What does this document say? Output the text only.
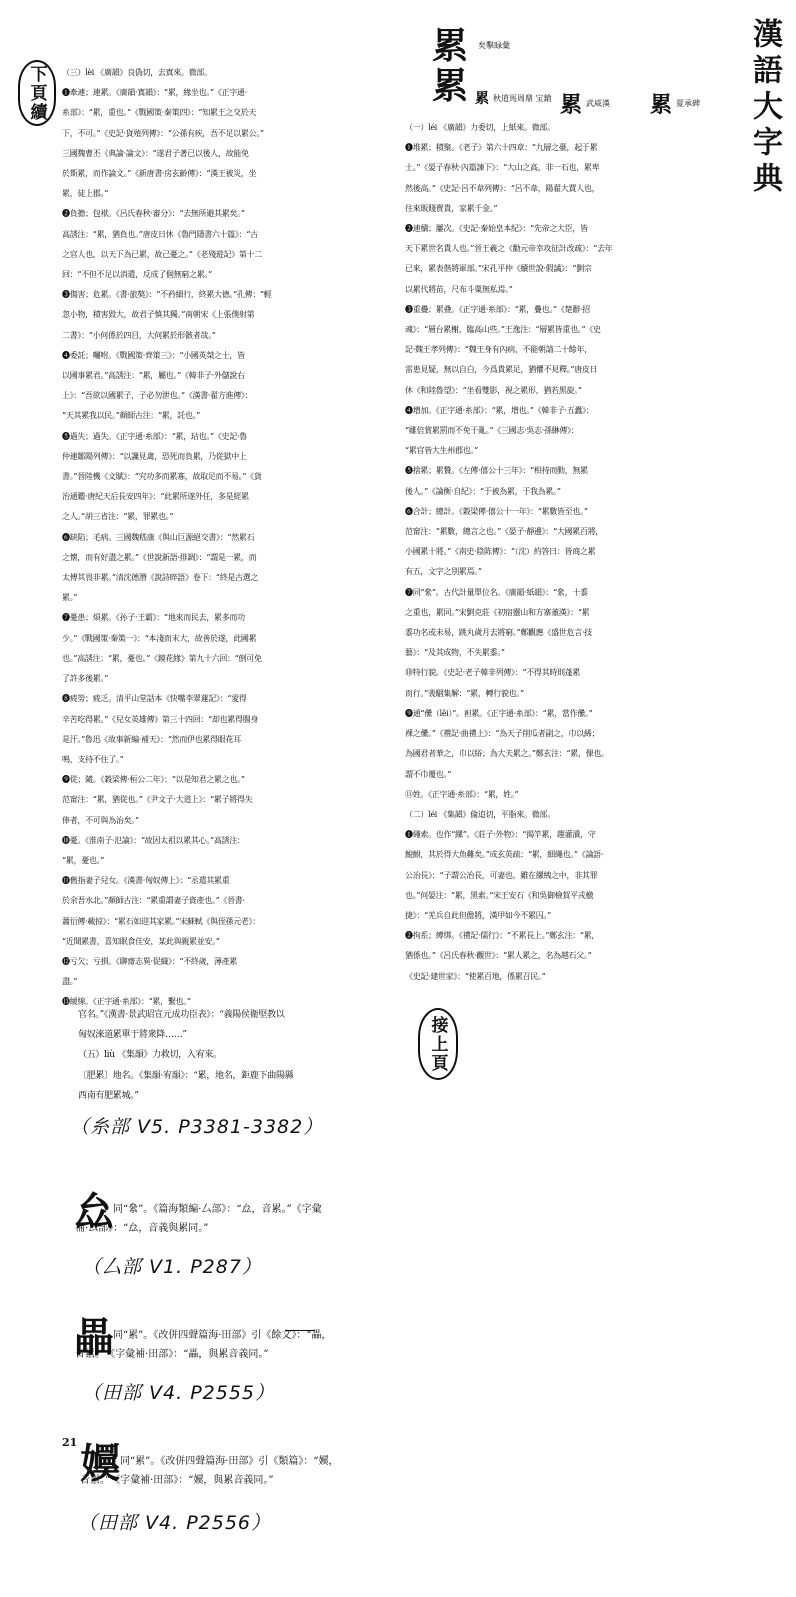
漢語大字典
下頁續
累 矣擊睩彙
累 累 秋道馬周鼎 宝鎗 累 武威漢 累 夏承碑

（三）lèi 《廣韻》良偽切，去寘來。微部。

❶牽連；連累。《廣韻·寘韻》：“累，緣坐也。”《正字通·

糸部》：“累，重也。”《戰國策·秦策四》：“知累王之交於天

下，不可。”《史記·貨殖列傳》：“公孫有疾，吾不足以累公。”

三國魏曹丕《典論·論文》：“遂君子著已以後人，故能免

於斯累，而作論文。”《新唐書·房玄齡傳》：“漢王被災，坐

累，徒上郡。”

❷負擔；包袱。《呂氏春秋·審分》：“去無所避其累矣。”

高誘注：“累，猶負也。”唐皮日休《魯門隱書六十篇》：“古

之官人也，以天下為已累，故己憂之。”《老殘遊記》第十二

回：“不但不足以消遣，反成了個無窮之累。”

❸傷害；危累。《書·旅獒》：“不矜細行，終累大德。”孔傳：“輕

忽小物，積害毀大，故君子慎其獨。”南朝宋《上張僕射第

二書》：“小何係於四目，大何累於形骸者哉。”

❹委託；囑咐。《戰國策·齊策三》：“小國英桀之士，皆

以國事累君。”高誘注：“累，屬也。”《韓非子·外儲說右

上》：“吾欲以國累子，子必勿泄也。”《漢書·翟方進傳》：

“天其累我以民。”顏師古注：“累，託也。”

❺過失；過失。《正字通·糸部》：“累，玷也。”《史記·魯

仲連鄒陽列傳》：“以讒見禽，恐死而負累，乃從獄中上

書。”晉陸機《文賦》：“究功多而累寡，故取足而不易。”《貨

治通鑑·唐紀天后長安四年》：“此累所遂外任，多是經累

之人。”胡三省注：“累，罪累也。”

❻缺陷；毛病。三國魏嵇康《與山巨源絕交書》：“然累石

之懷，而有好盡之累。”《世說新語·排調》：“謂是一累，而

太傅其畏非累。”清沈德潛《說詩晬語》卷下：“終是古選之

累。”

❼憂患；煩累。《孙子·王霸》：“地來而民去，累多而功

少。”《戰國策·秦策一》：“本淺而末大，故善於遂，此國累

也。”高誘注：“累，憂也。”《鏡花緣》第九十六回：“倒可免

了許多後累。”

❽疲勞；疲乏。清平山堂話本《快嘴李翠蓮記》：“愛得

辛苦吃得累。”《兒女英雄傳》第三十四回：“却也累得腸身

是汗。”魯迅《故事新編·補天》：“然而伊也累得眼花耳

鳴，支持不住了。”

❾從；隨。《穀梁傳·桓公二年》：“以是知君之累之也。”

范甯注：“累，猶從也。”《尹文子·大道上》：“累子將得失

俸者，不可與為治矣。”

❿憂。《淮南子·氾論》：“故因太祖以累其心。”高誘注：

“累，憂也。”

⓫舊指妻子兒女。《漢書·匈奴傳上》：“丞遣其累重

於余吾水北。”顏師古注：“累重謂妻子資產也。”《晉書·

蕭衍傳·載掠》：“累石如迎其家累。”宋蘇軾《與侄孫元老》：

“近聞累書，喜知眠食佳安，某此與親累並安。”

⓬亏欠；亏損。《聊齋志異·促織》：“不終歲，薄產累

盡。”

⓭緩線。《正字通·糸部》：“累，繫也。”

（一）léi 《廣韻》力委切，上紙來。微部。

❶堆累；積聚。《老子》第六十四章：“九層之臺，起于累

土。”《晏子春秋·內篇諫下》：“大山之高，非一石也，累卑

然後高。”《史記·呂不韋列傳》：“呂不韋，陽翟大賈人也，

往來販賤賣貴，家累千金。”

❷連續；屢次。《史記·秦始皇本紀》：“先帝之大臣，皆

天下累世名貴人也。”晉王羲之《勸元帝幸攻征計改疏》：“去年

已來，累表偕將軍部。”宋孔平仲《續世說·假譎》：“劉宗

以累代將苗，尺布斗粟無私焉。”

❸重疊；累叠。《正字通·糸部》：“累，疊也。”《楚辭·招

魂》：“層台累榭，臨高山些。”王逸注：“層累皆重也。”《史

記·魏王孝列傳》：“魏王身有內病，不能朝請二十餘年，

雷患見疑，無以自白，今爲貴累足，猶懼不見釋。”唐皮日

休《和陸魯望》：“坐看雙影，視之累形，猶若黑旋。”

❹增加。《正字通·糸部》：“累，增也。”《韓非子·五蠹》：

“雖倍賞累罰而不免于亂。”《三國志·吳志·孫綝傳》：

“累官皆大生州郡也。”

❺捨累；累贅。《左傳·僖公十三年》：“相持而動，無累

後人。”《論衡·自紀》：“于被為累，于我為累。”

❻合計；總計。《穀梁傳·僖公十一年》：“累數皆至也。”

范甯注：“累數，總言之也。”《晏子·靜邊》：“大國累百將，

小國累十將。”《南史·陰陈傳》：“（沈）約答曰：皆商之累

有五，文字之別累焉。”

❼同“絫”。古代計量單位名。《廣韻·紙韻》：“絫，十黍

之重也，累同。”宋劉克莊《初宿靈山和方寨董漢》：“累

黍功名或未易，跳丸歲月去將窮。”鄭觀應《盛世危言·技

藝》：“及其成物，不失累黍。”

⓾特行貌。《史記·老子韓非列傳》：“不得其時則蓬累

而行。”裴駰集解：“累，轉行貌也。”

❾通“儽（lěi）”。袒累。《正字通·糸部》：“累，當作儽。”

裸之儽。”《禮記·曲禮上》：“為天子削瓜者副之，巾以絺；

為國君者華之，巾以綌；為大夫累之。”鄭玄注：“累，倮也。

謂不巾覆也。”

⑪姓。《正字通·糸部》：“累，姓。”

（二）léi 《集韻》倫追切，平脂來。微部。

❶繩索。也作“縲”。《莊子·外物》：“揭竿累，趨灌瀆，守

鯢鮒，其於得大魚難矣。”成玄英疏：“累，細繩也。”《論語·

公冶長》：“子謂公冶長，可妻也。雖在縲絏之中，非其罪

也。”何晏注：“累，黑索。”宋王安石《和吳御檢賀平戎檄

捷》：“羌兵自此但儋將，漢甲如今不累囚。”

❷拘系；縛绑。《禮記·儒行》：“不累長上。”鄭玄注：“累，

猶係也。”《呂氏春秋·觀世》：“累人累之，名為越石父。”

《史記·建世家》：“使累百地，係累召民。”

官名。”《漢書·景武昭宣元成功臣表》：“義陽侯衛堅教以

匈奴淶道累單于將衆降……”

（五）liù 《集韻》力救切，入宥來。

〔肥累〕地名。《集韻·宥韻》：“累，地名，鉅鹿下曲陽縣

西南有肥累城。”

接上頁
（糸部 V5. P3381-3382）
厽 同“絫”。《篇海類編·厶部》：“厽，音累。”《字彙
補·厶部》：“厽，音義與累同。”
（厶部 V1. P287）
畾 同“累”。《改併四聲篇海·田部》引《餘文》：“畾，
音累。”《字彙補·田部》：“畾，與累音義同。”
（田部 V4. P2555）
21 嬽 同“累”。《改併四聲篇海·田部》引《類篇》：“嬽，
音累。”《字彙補·田部》：“嬽，與累音義同。”
（田部 V4. P2556）
